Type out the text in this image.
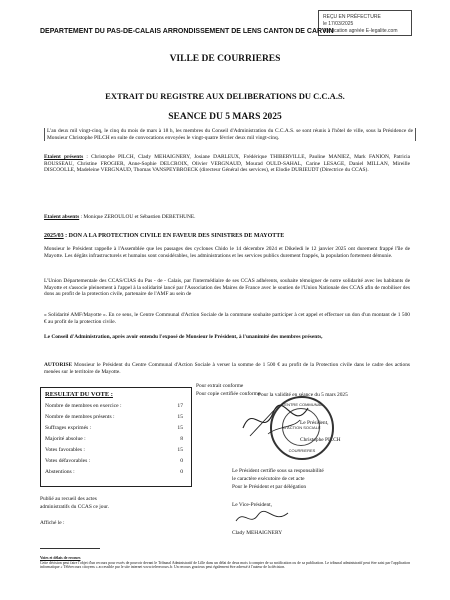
REÇU EN PRÉFECTURE
le 17/03/2025
Application agréée E-legalite.com
DEPARTEMENT DU PAS-DE-CALAIS ARRONDISSEMENT DE LENS CANTON DE CARVIN
VILLE DE COURRIERES
EXTRAIT DU REGISTRE AUX DELIBERATIONS DU C.C.A.S.
SEANCE DU 5 MARS 2025

L'an deux mil vingt-cinq, le cinq du mois de mars à 18 h, les membres du Conseil d'Administration du C.C.A.S. se sont réunis à l'hôtel de ville, sous la Présidence de Monsieur Christophe PILCH en suite de convocations envoyées le vingt-quatre février deux mil vingt-cinq.

Etaient présents : Christophe PILCH, Clady MEHAIGNERY, Josiane DARLEUX, Frédérique THIBERVILLE, Pauline MANIEZ, Mark FANION, Patricia ROUSSEAU, Christine FROGIER, Anne-Sophie DELCROIX, Olivier VERGNAUD, Mourad OULD-SAHAL, Carine LESAGE, Daniel MILLAN, Mireille DISCOOLLE, Madeleine VERGNAUD, Thomas VANSPEYBROECK (directeur Général des services), et Elodie DURIEUDT (Directrice du CCAS).

Etaient absents : Monique ZEROULOU et Sébastien DEBETHUNE.

2025/03 : DON A LA PROTECTION CIVILE EN FAVEUR DES SINISTRES DE MAYOTTE

Monsieur le Président rappelle à l'Assemblée que les passages des cyclones Chido le 14 décembre 2024 et Dikeledi le 12 janvier 2025 ont durement frappé l'île de Mayotte. Les dégâts infrastructurels et humains sont considérables, les administrations et les services publics durement frappés, la population fortement démunie.

L'Union Départementale des CCAS/CIAS du Pas - de - Calais, par l'intermédiaire de ses CCAS adhérents, souhaite témoigner de notre solidarité avec les habitants de Mayotte et s'associe pleinement à l'appel à la solidarité lancé par l'Association des Maires de France avec le soutien de l'Union Nationale des CCAS afin de mobiliser des dons au profit de la protection civile, partenaire de l'AMF au sein de

« Solidarité AMF/Mayotte ». En ce sens, le Centre Communal d'Action Sociale de la commune souhaite participer à cet appel et effectuer un don d'un montant de 1 500 € au profit de la protection civile.

Le Conseil d'Administration, après avoir entendu l'exposé de Monsieur le Président, à l'unanimité des membres présents,

AUTORISE Monsieur le Président du Centre Communal d'Action Sociale à verser la somme de 1 500 € au profit de la Protection civile dans le cadre des actions menées sur le territoire de Mayotte.

RESULTAT DU VOTE :
Nombre de membres en exercice :	17
Nombre de membres présents :	15
Suffrages exprimés :	15
Majorité absolue :	8
Votes favorables :	15
Votes défavorables :	0
Abstentions :	0
Pour extrait conforme
Pour copie certifiée conforme
Pour la validité en séance du 5 mars 2025
Le Président,
Christophe PILCH
CENTRE COMMUNAL
D'ACTION SOCIALE
COURRIERES
Publié au recueil des actes
administratifs du CCAS ce jour.
Affiché le :
Le Président certifie sous sa responsabilité
le caractère exécutoire de cet acte
Pour le Président et par délégation
Le Vice-Président,
Clady MEHAIGNERY
Voies et délais de recours
Cette décision peut faire l'objet d'un recours pour excès de pouvoir devant le Tribunal Administratif de Lille dans un délai de deux mois à compter de sa notification ou de sa publication. Le tribunal administratif peut être saisi par l'application informatique « Télérecours citoyens » accessible par le site internet www.telerecours.fr. Un recours gracieux peut également être adressé à l'auteur de la décision.
